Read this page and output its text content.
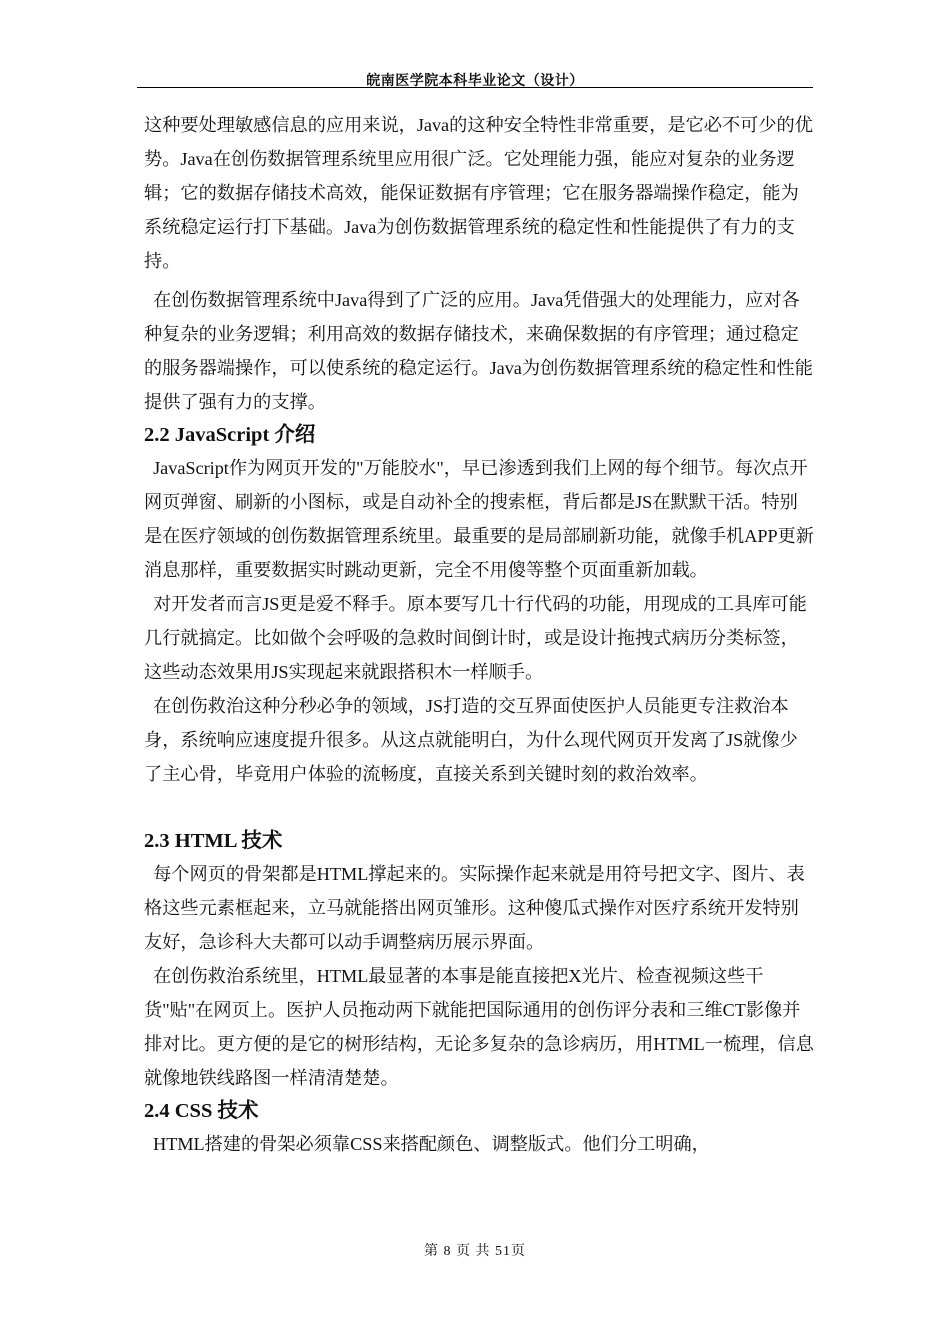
皖南医学院本科毕业论文（设计）

这种要处理敏感信息的应用来说，Java的这种安全特性非常重要，是它必不可少的优势。Java在创伤数据管理系统里应用很广泛。它处理能力强，能应对复杂的业务逻辑；它的数据存储技术高效，能保证数据有序管理；它在服务器端操作稳定，能为系统稳定运行打下基础。Java为创伤数据管理系统的稳定性和性能提供了有力的支持。

在创伤数据管理系统中Java得到了广泛的应用。Java凭借强大的处理能力，应对各种复杂的业务逻辑；利用高效的数据存储技术，来确保数据的有序管理；通过稳定的服务器端操作，可以使系统的稳定运行。Java为创伤数据管理系统的稳定性和性能提供了强有力的支撑。

2.2 JavaScript 介绍

JavaScript作为网页开发的"万能胶水"，早已渗透到我们上网的每个细节。每次点开网页弹窗、刷新的小图标，或是自动补全的搜索框，背后都是JS在默默干活。特别是在医疗领域的创伤数据管理系统里。最重要的是局部刷新功能，就像手机APP更新消息那样，重要数据实时跳动更新，完全不用傻等整个页面重新加载。

对开发者而言JS更是爱不释手。原本要写几十行代码的功能，用现成的工具库可能几行就搞定。比如做个会呼吸的急救时间倒计时，或是设计拖拽式病历分类标签，这些动态效果用JS实现起来就跟搭积木一样顺手。

在创伤救治这种分秒必争的领域，JS打造的交互界面使医护人员能更专注救治本身，系统响应速度提升很多。从这点就能明白，为什么现代网页开发离了JS就像少了主心骨，毕竟用户体验的流畅度，直接关系到关键时刻的救治效率。

2.3 HTML 技术

每个网页的骨架都是HTML撑起来的。实际操作起来就是用符号把文字、图片、表格这些元素框起来，立马就能搭出网页雏形。这种傻瓜式操作对医疗系统开发特别友好，急诊科大夫都可以动手调整病历展示界面。

在创伤救治系统里，HTML最显著的本事是能直接把X光片、检查视频这些干货"贴"在网页上。医护人员拖动两下就能把国际通用的创伤评分表和三维CT影像并排对比。更方便的是它的树形结构，无论多复杂的急诊病历，用HTML一梳理，信息就像地铁线路图一样清清楚楚。

2.4 CSS 技术

HTML搭建的骨架必须靠CSS来搭配颜色、调整版式。他们分工明确，

第 8 页 共 51页
